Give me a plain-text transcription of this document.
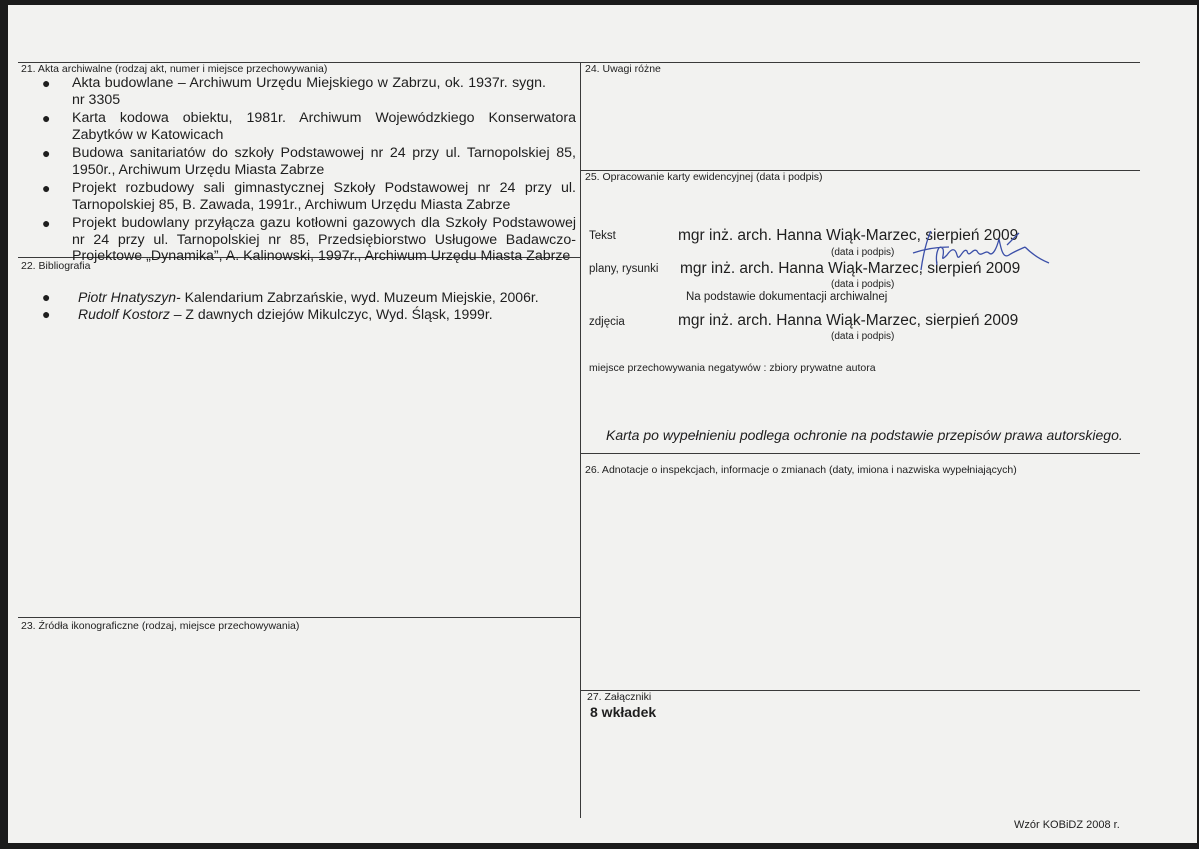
21. Akta archiwalne (rodzaj akt, numer i miejsce przechowywania)
● Akta budowlane – Archiwum Urzędu Miejskiego w Zabrzu, ok. 1937r. sygn. nr 3305
● Karta kodowa obiektu, 1981r. Archiwum Wojewódzkiego Konserwatora Zabytków w Katowicach
● Budowa sanitariatów do szkoły Podstawowej nr 24 przy ul. Tarnopolskiej 85, 1950r., Archiwum Urzędu Miasta Zabrze
● Projekt rozbudowy sali gimnastycznej Szkoły Podstawowej nr 24 przy ul. Tarnopolskiej 85, B. Zawada, 1991r., Archiwum Urzędu Miasta Zabrze
● Projekt budowlany przyłącza gazu kotłowni gazowych dla Szkoły Podstawowej nr 24 przy ul. Tarnopolskiej nr 85, Przedsiębiorstwo Usługowe Badawczo-Projektowe „Dynamika”, A. Kalinowski, 1997r., Archiwum Urzędu Miasta Zabrze
22. Bibliografia
● Piotr Hnatyszyn- Kalendarium Zabrzańskie, wyd. Muzeum Miejskie, 2006r.
● Rudolf Kostorz – Z dawnych dziejów Mikulczyc, Wyd. Śląsk, 1999r.
23. Źródła ikonograficzne (rodzaj, miejsce przechowywania)
24. Uwagi różne
25. Opracowanie karty ewidencyjnej (data i podpis)
Tekst	mgr inż. arch. Hanna Wiąk-Marzec, sierpień 2009
(data i podpis)
plany, rysunki mgr inż. arch. Hanna Wiąk-Marzec, sierpień 2009
(data i podpis)
Na podstawie dokumentacji archiwalnej
zdjęcia	mgr inż. arch. Hanna Wiąk-Marzec, sierpień 2009
(data i podpis)
miejsce przechowywania negatywów : zbiory prywatne autora
Karta po wypełnieniu podlega ochronie na podstawie przepisów prawa autorskiego.
26. Adnotacje o inspekcjach, informacje o zmianach (daty, imiona i nazwiska wypełniających)
27. Załączniki
8 wkładek
Wzór KOBiDZ 2008 r.
